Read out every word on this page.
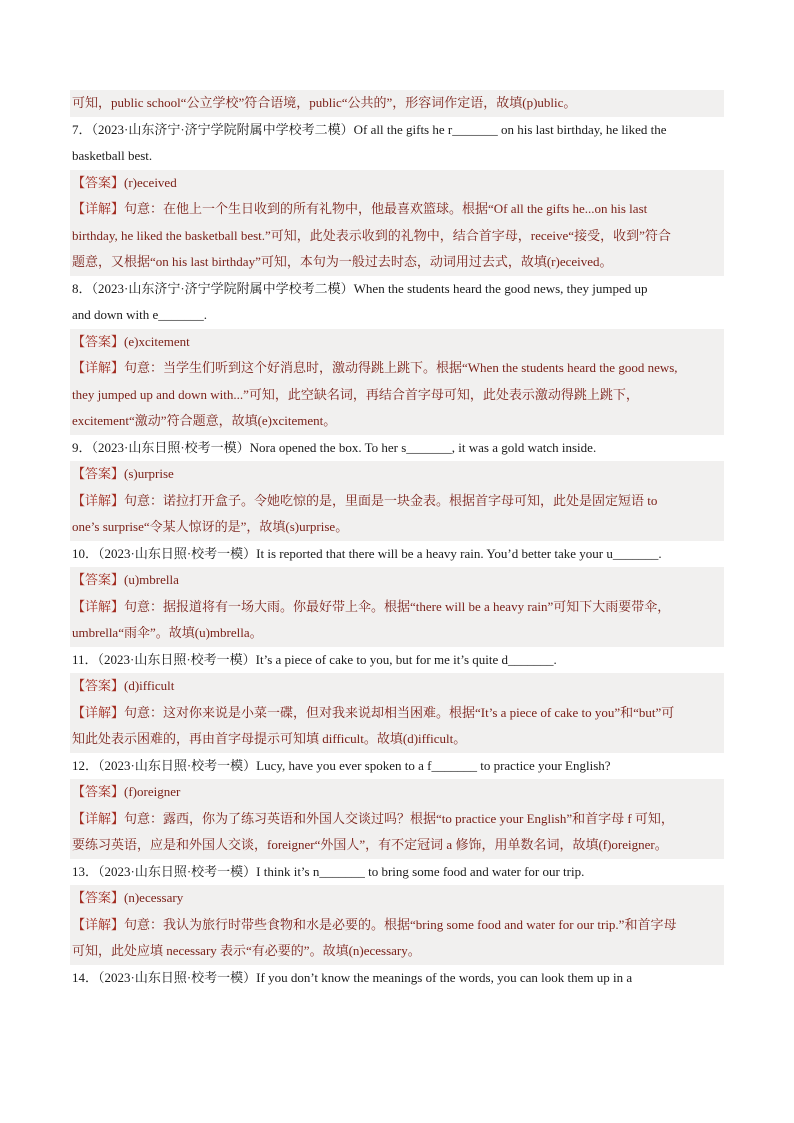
可知，public school“公立学校”符合语境，public“公共的”，形容词作定语，故填(p)ublic。
7．（2023·山东济宁·济宁学院附属中学校考二模）Of all the gifts he r_______ on his last birthday, he liked the
basketball best.
【答案】(r)eceived
【详解】句意：在他上一个生日收到的所有礼物中，他最喜欢篮球。根据“Of all the gifts he...on his last
birthday, he liked the basketball best.”可知，此处表示收到的礼物中，结合首字母，receive“接受，收到”符合
题意，又根据“on his last birthday”可知，本句为一般过去时态，动词用过去式，故填(r)eceived。
8．（2023·山东济宁·济宁学院附属中学校考二模）When the students heard the good news, they jumped up
and down with e_______.
【答案】(e)xcitement
【详解】句意：当学生们听到这个好消息时，激动得跳上跳下。根据“When the students heard the good news,
they jumped up and down with...”可知，此空缺名词，再结合首字母可知，此处表示激动得跳上跳下，
excitement“激动”符合题意，故填(e)xcitement。
9．（2023·山东日照·校考一模）Nora opened the box. To her s_______, it was a gold watch inside.
【答案】(s)urprise
【详解】句意：诺拉打开盒子。令她吃惊的是，里面是一块金表。根据首字母可知，此处是固定短语 to
one’s surprise“令某人惊讶的是”，故填(s)urprise。
10．（2023·山东日照·校考一模）It is reported that there will be a heavy rain. You’d better take your u_______.
【答案】(u)mbrella
【详解】句意：据报道将有一场大雨。你最好带上伞。根据“there will be a heavy rain”可知下大雨要带伞，
umbrella“雨伞”。故填(u)mbrella。
11．（2023·山东日照·校考一模）It’s a piece of cake to you, but for me it’s quite d_______.
【答案】(d)ifficult
【详解】句意：这对你来说是小菜一碟，但对我来说却相当困难。根据“It’s a piece of cake to you”和“but”可
知此处表示困难的，再由首字母提示可知填 difficult。故填(d)ifficult。
12．（2023·山东日照·校考一模）Lucy, have you ever spoken to a f_______ to practice your English?
【答案】(f)oreigner
【详解】句意：露西，你为了练习英语和外国人交谈过吗？根据“to practice your English”和首字母 f 可知，
要练习英语，应是和外国人交谈，foreigner“外国人”，有不定冠词 a 修饰，用单数名词，故填(f)oreigner。
13．（2023·山东日照·校考一模）I think it’s n_______ to bring some food and water for our trip.
【答案】(n)ecessary
【详解】句意：我认为旅行时带些食物和水是必要的。根据“bring some food and water for our trip.”和首字母
可知，此处应填 necessary 表示“有必要的”。故填(n)ecessary。
14．（2023·山东日照·校考一模）If you don’t know the meanings of the words, you can look them up in a
